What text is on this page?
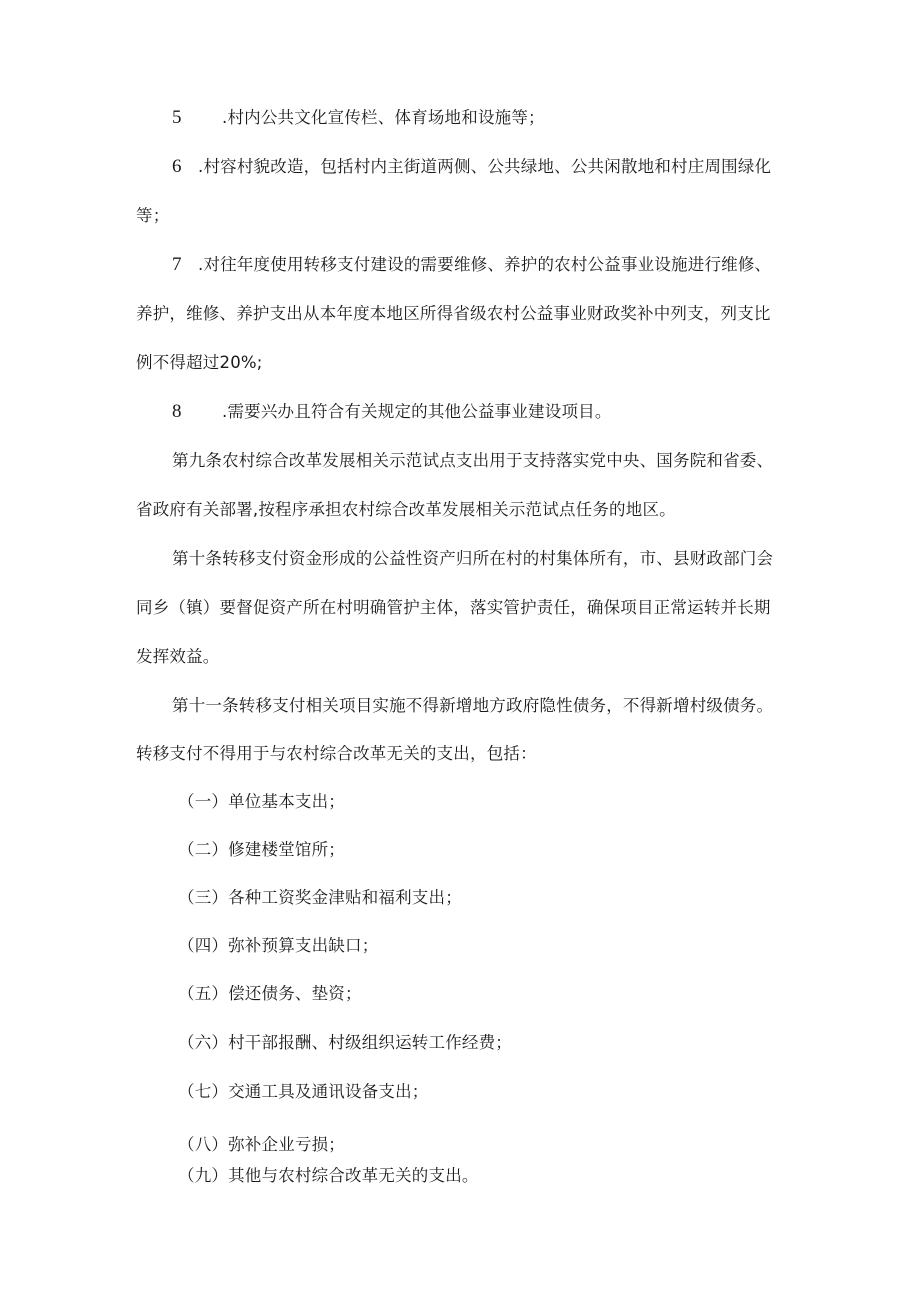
5 .村内公共文化宣传栏、体育场地和设施等；
6 .村容村貌改造，包括村内主街道两侧、公共绿地、公共闲散地和村庄周围绿化
等；
7 .对往年度使用转移支付建设的需要维修、养护的农村公益事业设施进行维修、
养护，维修、养护支出从本年度本地区所得省级农村公益事业财政奖补中列支，列支比
例不得超过20%;
8 .需要兴办且符合有关规定的其他公益事业建设项目。
第九条农村综合改革发展相关示范试点支出用于支持落实党中央、国务院和省委、
省政府有关部署,按程序承担农村综合改革发展相关示范试点任务的地区。
第十条转移支付资金形成的公益性资产归所在村的村集体所有，市、县财政部门会
同乡（镇）要督促资产所在村明确管护主体，落实管护责任，确保项目正常运转并长期
发挥效益。
第十一条转移支付相关项目实施不得新增地方政府隐性债务，不得新增村级债务。
转移支付不得用于与农村综合改革无关的支出，包括：
（一）单位基本支出；
（二）修建楼堂馆所；
（三）各种工资奖金津贴和福利支出；
（四）弥补预算支出缺口；
（五）偿还债务、垫资；
（六）村干部报酬、村级组织运转工作经费；
（七）交通工具及通讯设备支出；
（八）弥补企业亏损；
（九）其他与农村综合改革无关的支出。
